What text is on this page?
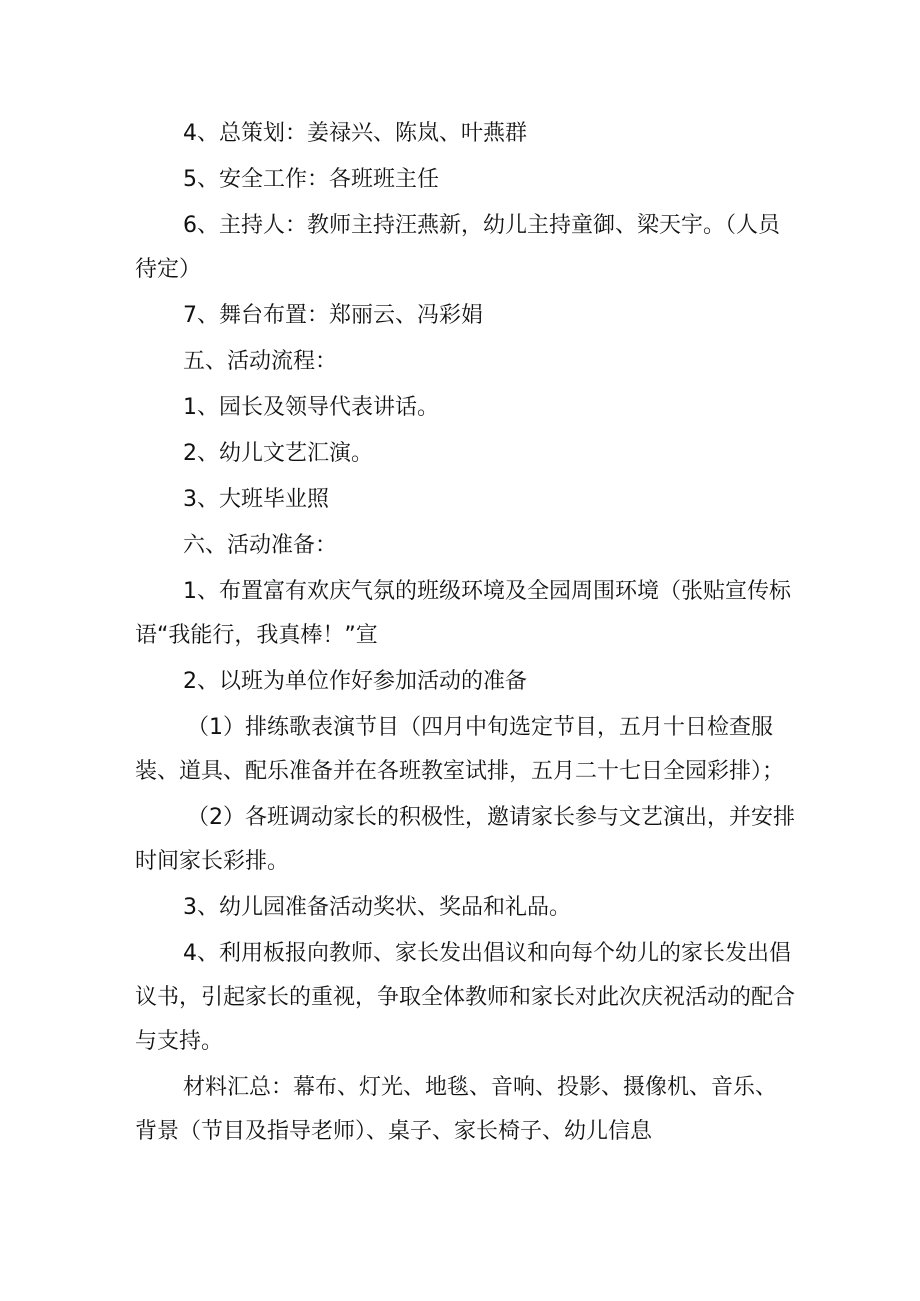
4、总策划：姜禄兴、陈岚、叶燕群

5、安全工作：各班班主任

6、主持人：教师主持汪燕新，幼儿主持童御、梁天宇。（人员待定）

7、舞台布置：郑丽云、冯彩娟

五、活动流程：

1、园长及领导代表讲话。

2、幼儿文艺汇演。

3、大班毕业照

六、活动准备：

1、布置富有欢庆气氛的班级环境及全园周围环境（张贴宣传标语“我能行，我真棒！”宣

2、以班为单位作好参加活动的准备

（1）排练歌表演节目（四月中旬选定节目，五月十日检查服装、道具、配乐准备并在各班教室试排，五月二十七日全园彩排）；

（2）各班调动家长的积极性，邀请家长参与文艺演出，并安排时间家长彩排。

3、幼儿园准备活动奖状、奖品和礼品。

4、利用板报向教师、家长发出倡议和向每个幼儿的家长发出倡议书，引起家长的重视，争取全体教师和家长对此次庆祝活动的配合与支持。

材料汇总：幕布、灯光、地毯、音响、投影、摄像机、音乐、背景（节目及指导老师）、桌子、家长椅子、幼儿信息
